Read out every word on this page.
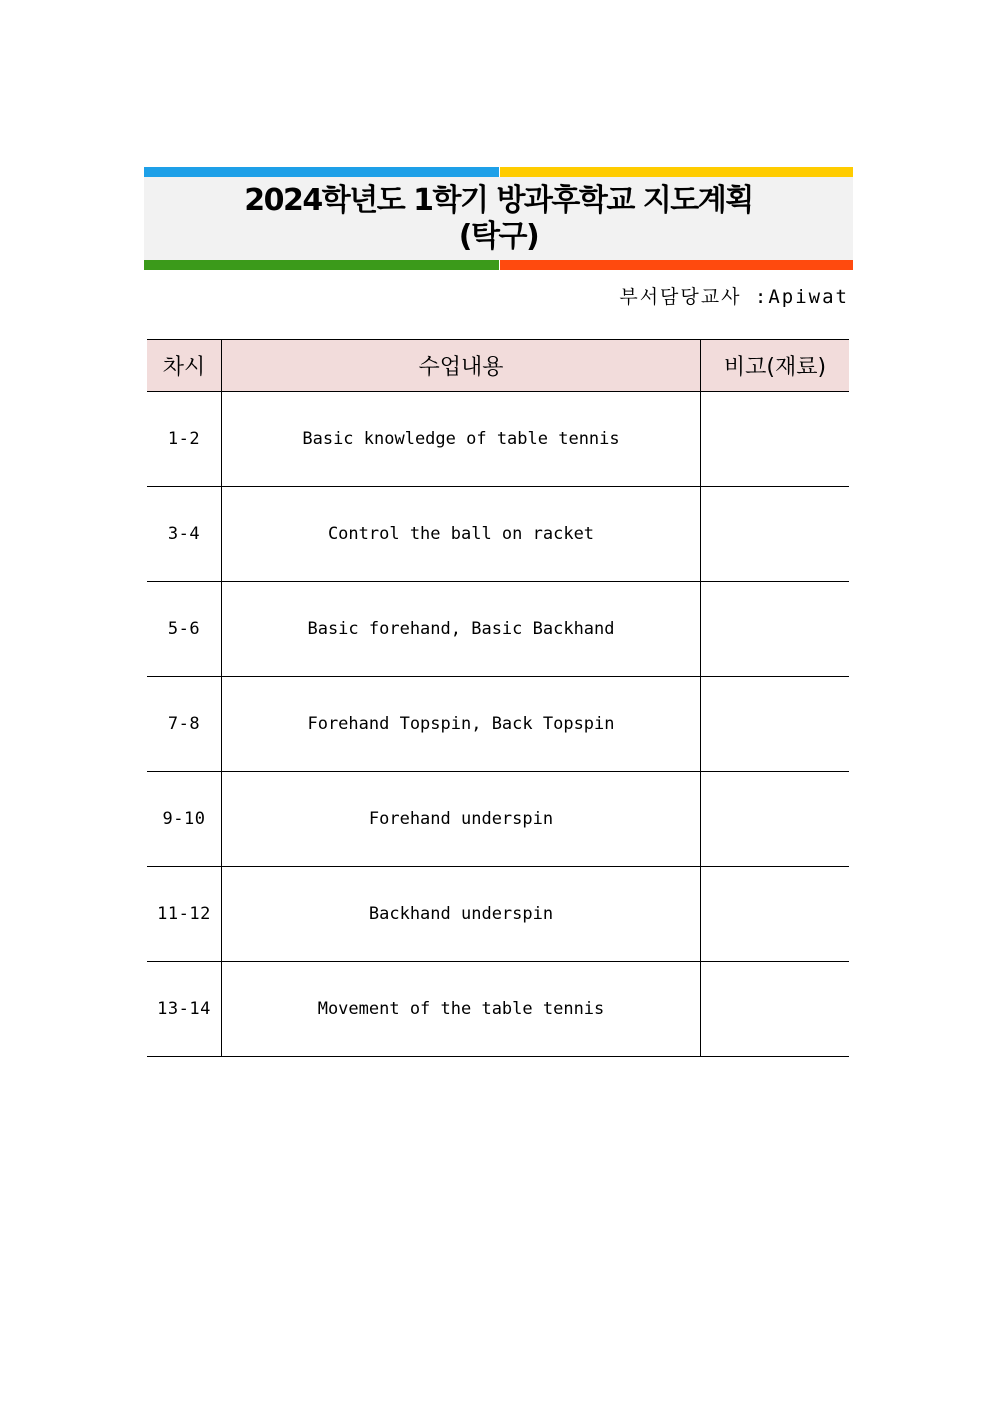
2024학년도 1학기 방과후학교 지도계획
(탁구)
부서담당교사 :Apiwat
차시	수업내용	비고(재료)
1-2	Basic knowledge of table tennis	
3-4	Control the ball on racket	
5-6	Basic forehand, Basic Backhand	
7-8	Forehand Topspin, Back Topspin	
9-10	Forehand underspin	
11-12	Backhand underspin	
13-14	Movement of the table tennis	
